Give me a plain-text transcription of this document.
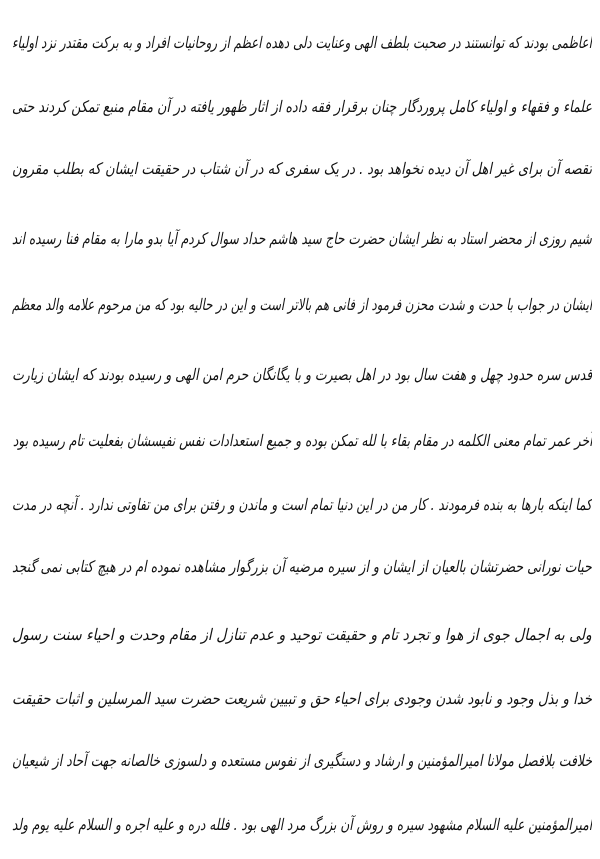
اعاظمی بودند که توانستند در صحبت بلطف الهی وعنایت دلی دهده اعظم از روحانیات افراد و به برکت مقتدر نزد اولیاء
علماء و فقهاء و اولیاء کامل پروردگار چنان برقرار فقه داده از اثار ظهور یافته در آن مقام منبع تمکن کردند حتی
تقصه آن برای غیر اهل آن دیده نخواهد بود . در یک سفری که در آن شتاب در حقیقت ایشان که بطلب مقرون
شیم روزی از محضر استاد به نظر ایشان حضرت حاج سید هاشم حداد سوال کردم آیا بدو مارا به مقام فنا رسیده اند
ایشان در جواب با حدت و شدت محزن فرمود از فانی هم بالاتر است و این در حالیه بود که من مرحوم علامه والد معظم
قدس سره حدود چهل و هفت سال بود در اهل بصیرت و با یگانگان حرم امن الهی و رسیده بودند که ایشان زیارت
آخر عمر تمام معنی الکلمه در مقام بقاء با لله تمکن بوده و جمیع استعدادات نفس نفیسشان بفعلیت تام رسیده بود
کما اینکه بارها به بنده فرمودند . کار من در این دنیا تمام است و ماندن و رفتن برای من تفاوتی ندارد . آنچه در مدت
حیات نورانی حضرتشان بالعیان از ایشان و از سیره مرضیه آن بزرگوار مشاهده نموده ام در هیچ کتابی نمی گنجد
ولی به اجمال جوی از هوا و تجرد تام و حقیقت توحید و عدم تنازل از مقام وحدت و احیاء سنت رسول
خدا و بذل وجود و نابود شدن وجودی برای احیاء حق و تبیین شریعت حضرت سید المرسلین و اثبات حقیقت
خلافت بلافصل مولانا امیرالمؤمنین و ارشاد و دستگیری از نفوس مستعده و دلسوزی خالصانه جهت آحاد از شیعیان
امیرالمؤمنین علیه السلام مشهود سیره و روش آن بزرگ مرد الهی بود . فلله دره و علیه اجره و السلام علیه یوم ولد
